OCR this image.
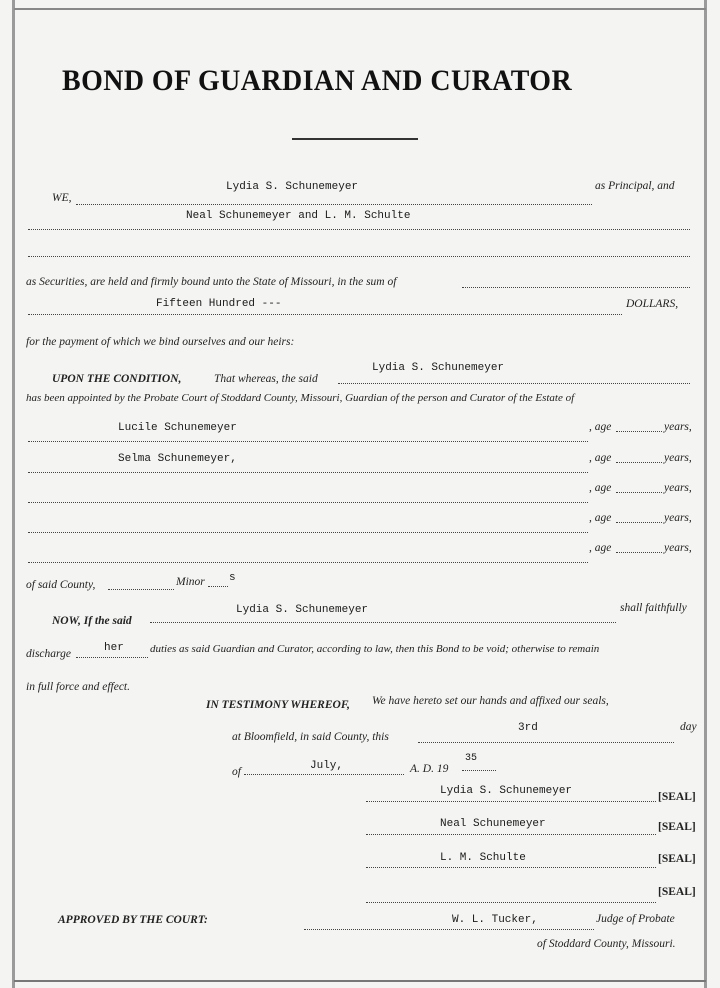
BOND OF GUARDIAN AND CURATOR
WE,
Lydia S. Schunemeyer	as Principal, and
Neal Schunemeyer and L. M. Schulte
as Securities, are held and firmly bound unto the State of Missouri, in the sum of
Fifteen Hundred ---	DOLLARS,
for the payment of which we bind ourselves and our heirs:
UPON THE CONDITION,	That whereas, the said
Lydia S. Schunemeyer
has been appointed by the Probate Court of Stoddard County, Missouri, Guardian of the person and Curator of the Estate of
Lucile Schunemeyer	, age	years,
Selma Schunemeyer,	, age	years,
, age	years,
, age	years,
, age	years,
of said County,	Minor s
NOW, If the said
Lydia S. Schunemeyer	shall faithfully
discharge	her duties as said Guardian and Curator, according to law, then this Bond to be void; otherwise to remain
in full force and effect.
IN TESTIMONY WHEREOF, We have hereto set our hands and affixed our seals,
at Bloomfield, in said County, this
3rd	day
of	July,	A. D. 19
35
Lydia S. Schunemeyer	[SEAL]
Neal Schunemeyer	[SEAL]
L. M. Schulte	[SEAL]
[SEAL]
APPROVED BY THE COURT:	W. L. Tucker,	Judge of Probate
of Stoddard County, Missouri.
